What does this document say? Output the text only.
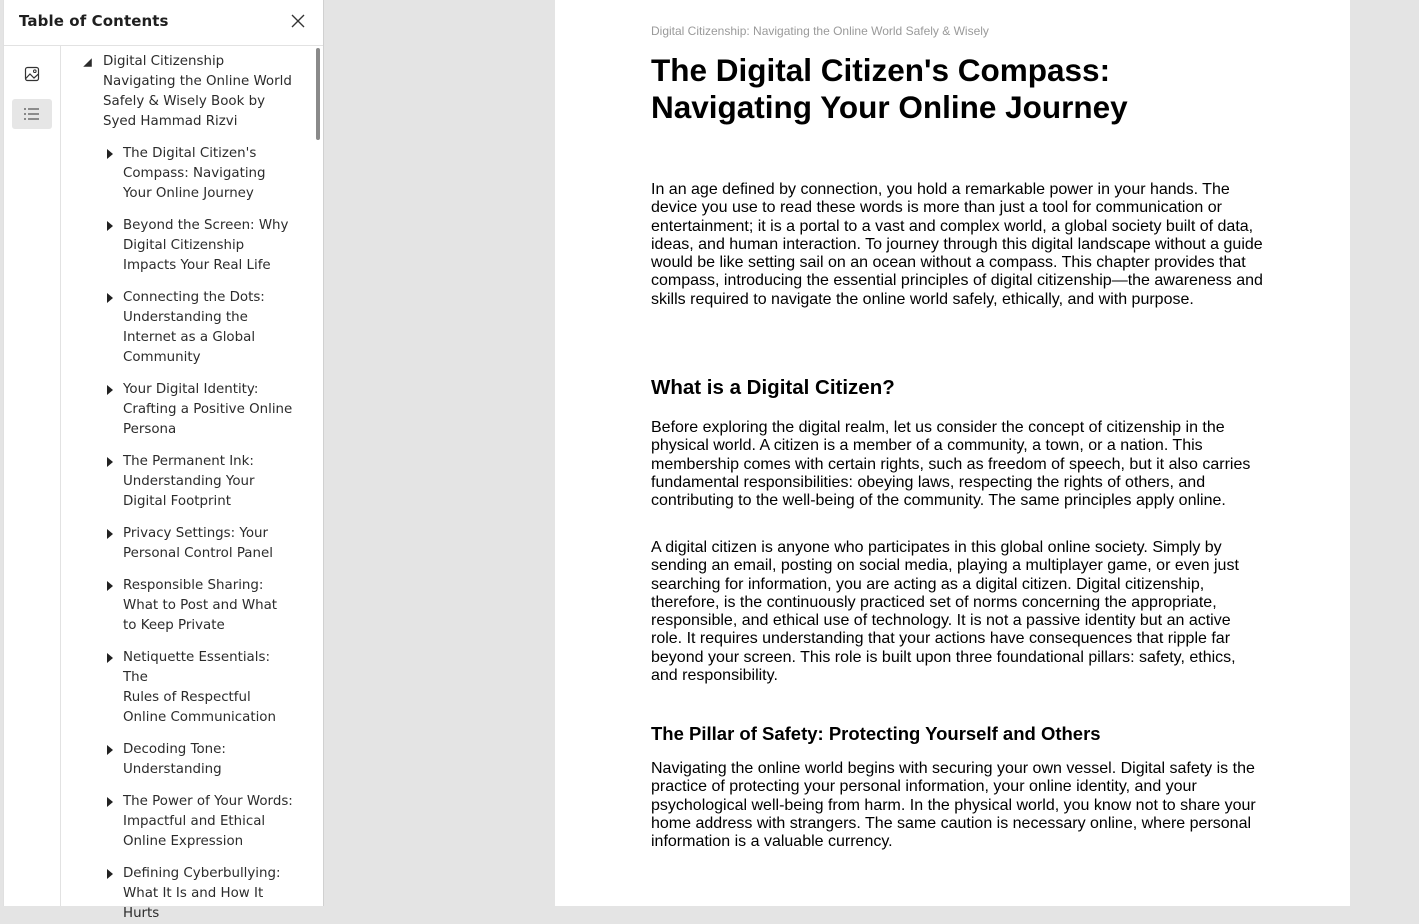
Table of Contents
Digital Citizenship
Navigating the Online World
Safely & Wisely Book by
Syed Hammad Rizvi
The Digital Citizen's
Compass: Navigating
Your Online Journey
Beyond the Screen: Why
Digital Citizenship
Impacts Your Real Life
Connecting the Dots:
Understanding the
Internet as a Global
Community
Your Digital Identity:
Crafting a Positive Online
Persona
The Permanent Ink:
Understanding Your
Digital Footprint
Privacy Settings: Your
Personal Control Panel
Responsible Sharing:
What to Post and What
to Keep Private
Netiquette Essentials: The
Rules of Respectful
Online Communication
Decoding Tone:
Understanding
The Power of Your Words:
Impactful and Ethical
Online Expression
Defining Cyberbullying:
What It Is and How It
Hurts
Digital Citizenship: Navigating the Online World Safely & Wisely
The Digital Citizen's Compass:
Navigating Your Online Journey

In an age defined by connection, you hold a remarkable power in your hands. The device you use to read these words is more than just a tool for communication or entertainment; it is a portal to a vast and complex world, a global society built of data, ideas, and human interaction. To journey through this digital landscape without a guide would be like setting sail on an ocean without a compass. This chapter provides that compass, introducing the essential principles of digital citizenship—the awareness and skills required to navigate the online world safely, ethically, and with purpose.

What is a Digital Citizen?

Before exploring the digital realm, let us consider the concept of citizenship in the physical world. A citizen is a member of a community, a town, or a nation. This membership comes with certain rights, such as freedom of speech, but it also carries fundamental responsibilities: obeying laws, respecting the rights of others, and contributing to the well-being of the community. The same principles apply online.

A digital citizen is anyone who participates in this global online society. Simply by sending an email, posting on social media, playing a multiplayer game, or even just searching for information, you are acting as a digital citizen. Digital citizenship, therefore, is the continuously practiced set of norms concerning the appropriate, responsible, and ethical use of technology. It is not a passive identity but an active role. It requires understanding that your actions have consequences that ripple far beyond your screen. This role is built upon three foundational pillars: safety, ethics, and responsibility.

The Pillar of Safety: Protecting Yourself and Others

Navigating the online world begins with securing your own vessel. Digital safety is the practice of protecting your personal information, your online identity, and your psychological well-being from harm. In the physical world, you know not to share your home address with strangers. The same caution is necessary online, where personal information is a valuable currency.
